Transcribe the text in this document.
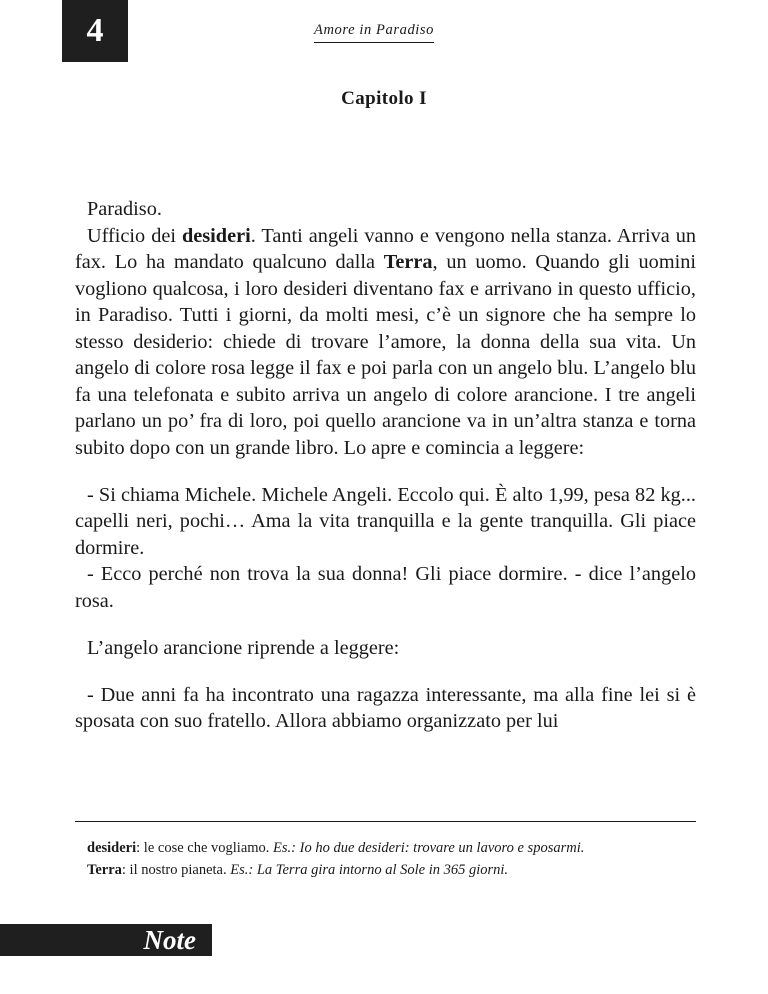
4	Amore in Paradiso
Capitolo I

Paradiso.

Ufficio dei desideri. Tanti angeli vanno e vengono nella stanza. Arriva un fax. Lo ha mandato qualcuno dalla Terra, un uomo. Quando gli uomini vogliono qualcosa, i loro desideri diventano fax e arrivano in questo ufficio, in Paradiso. Tutti i giorni, da molti mesi, c’è un signore che ha sempre lo stesso desiderio: chiede di trovare l’amore, la donna della sua vita. Un angelo di colore rosa legge il fax e poi parla con un angelo blu. L’angelo blu fa una telefonata e subito arriva un angelo di colore arancione. I tre angeli parlano un po’ fra di loro, poi quello arancione va in un’altra stanza e torna subito dopo con un grande libro. Lo apre e comincia a leggere:

- Si chiama Michele. Michele Angeli. Eccolo qui. È alto 1,99, pesa 82 kg... capelli neri, pochi… Ama la vita tranquilla e la gente tranquilla. Gli piace dormire.

- Ecco perché non trova la sua donna! Gli piace dormire. - dice l’angelo rosa.

L’angelo arancione riprende a leggere:

- Due anni fa ha incontrato una ragazza interessante, ma alla fine lei si è sposata con suo fratello. Allora abbiamo organizzato per lui

desideri: le cose che vogliamo. Es.: Io ho due desideri: trovare un lavoro e sposarmi.

Terra: il nostro pianeta. Es.: La Terra gira intorno al Sole in 365 giorni.

Note
